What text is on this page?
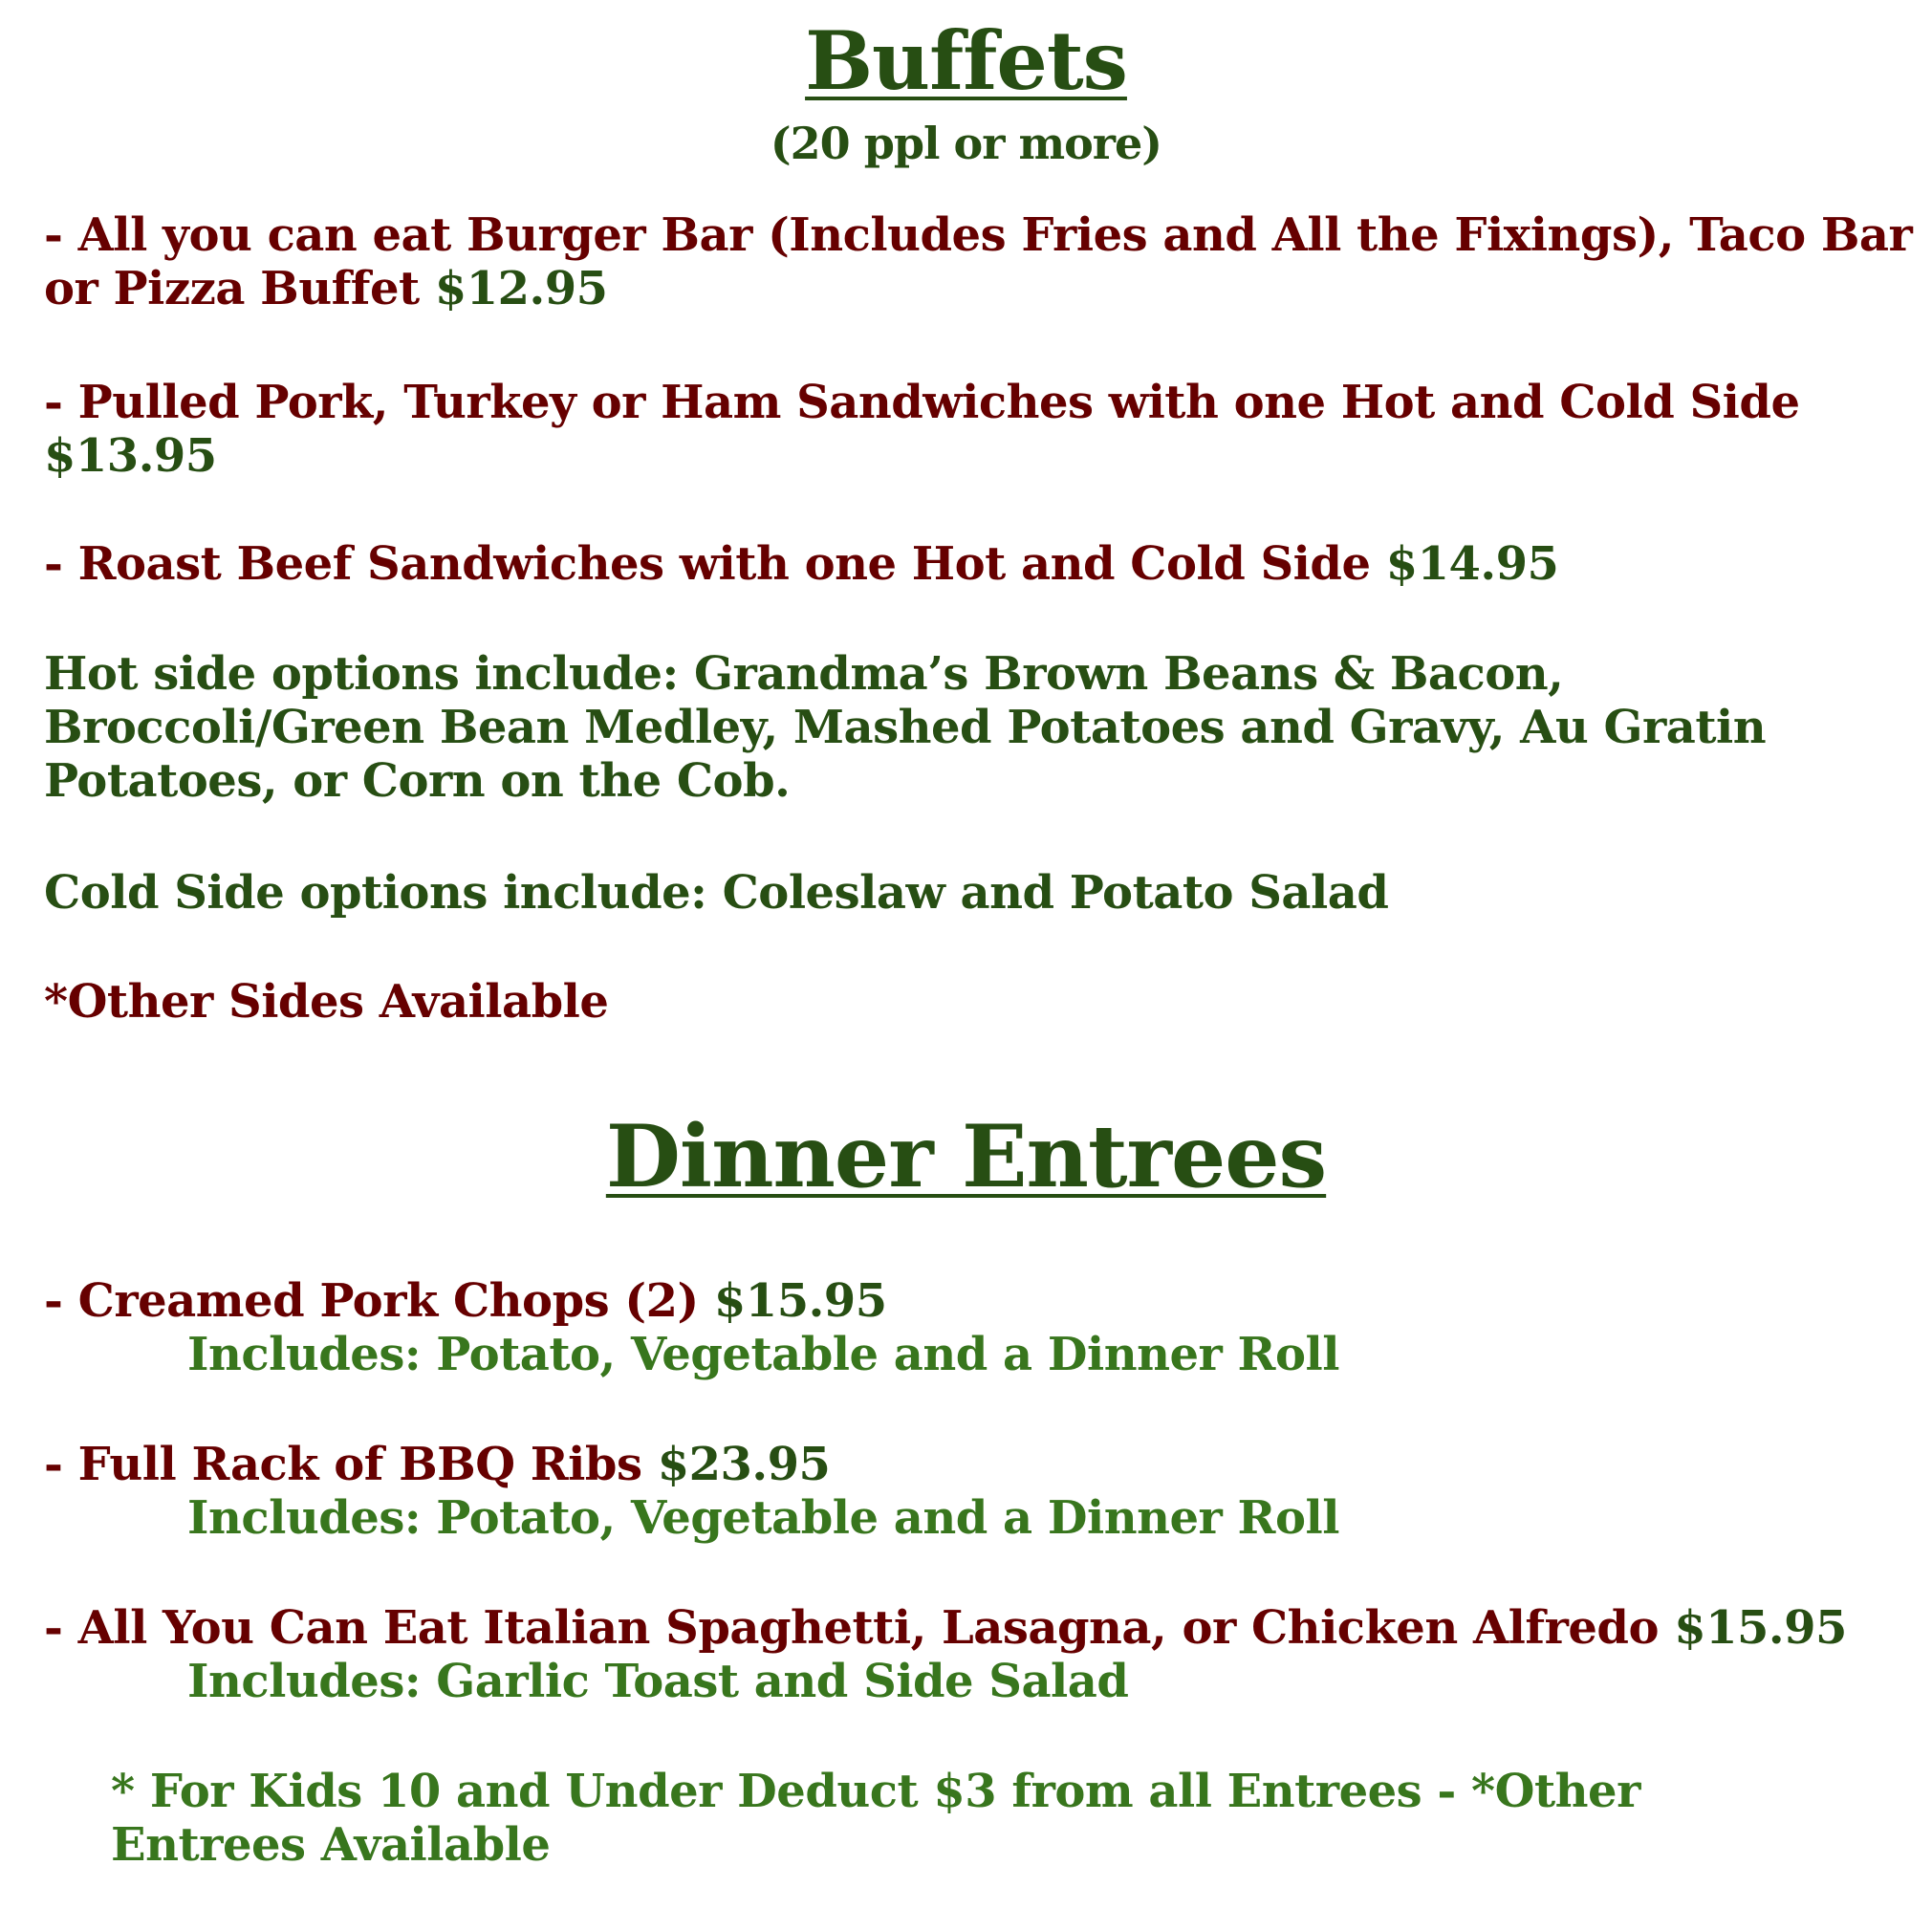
Buffets
(20 ppl or more)
- All you can eat Burger Bar (Includes Fries and All the Fixings), Taco Bar or Pizza Buffet $12.95
- Pulled Pork, Turkey or Ham Sandwiches with one Hot and Cold Side $13.95
- Roast Beef Sandwiches with one Hot and Cold Side $14.95
Hot side options include: Grandma’s Brown Beans & Bacon, Broccoli/Green Bean Medley, Mashed Potatoes and Gravy, Au Gratin Potatoes, or Corn on the Cob.
Cold Side options include: Coleslaw and Potato Salad
*Other Sides Available
Dinner Entrees
- Creamed Pork Chops (2) $15.95
Includes: Potato, Vegetable and a Dinner Roll
- Full Rack of BBQ Ribs $23.95
Includes: Potato, Vegetable and a Dinner Roll
- All You Can Eat Italian Spaghetti, Lasagna, or Chicken Alfredo $15.95
Includes: Garlic Toast and Side Salad
* For Kids 10 and Under Deduct $3 from all Entrees - *Other Entrees Available
